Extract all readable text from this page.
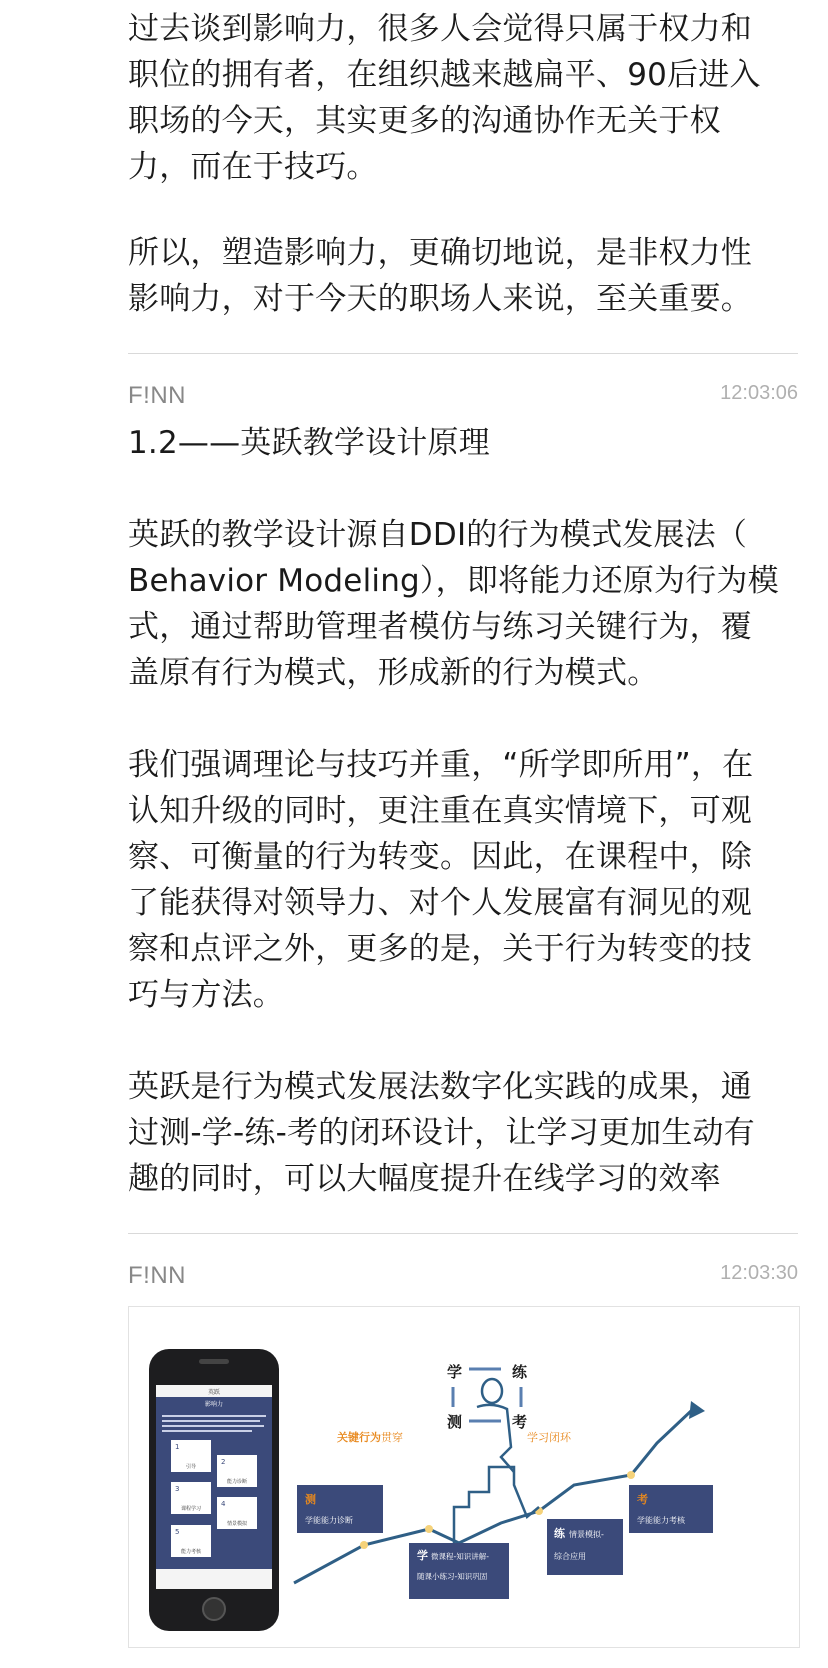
过去谈到影响力，很多人会觉得只属于权力和
职位的拥有者，在组织越来越扁平、90后进入
职场的今天，其实更多的沟通协作无关于权
力，而在于技巧。

所以，塑造影响力，更确切地说，是非权力性
影响力，对于今天的职场人来说，至关重要。

F!NN	12:03:06

1.2——英跃教学设计原理

英跃的教学设计源自DDI的行为模式发展法（
Behavior Modeling），即将能力还原为行为模
式，通过帮助管理者模仿与练习关键行为，覆
盖原有行为模式，形成新的行为模式。

我们强调理论与技巧并重，“所学即所用”，在
认知升级的同时，更注重在真实情境下，可观
察、可衡量的行为转变。因此，在课程中，除
了能获得对领导力、对个人发展富有洞见的观
察和点评之外，更多的是，关于行为转变的技
巧与方法。

英跃是行为模式发展法数字化实践的成果，通
过测-学-练-考的闭环设计，让学习更加生动有
趣的同时，可以大幅度提升在线学习的效率

F!NN	12:03:30
英跃
影响力
1
引导
2
能力诊断
3
课程学习
4
情景模拟
5
能力考核
学	练
测	考
关键行为贯穿	学习闭环
测
学能能力诊断
学 微课程-知识讲解-
随课小练习-知识巩固
练 情景模拟-
综合应用
考
学能能力考核
